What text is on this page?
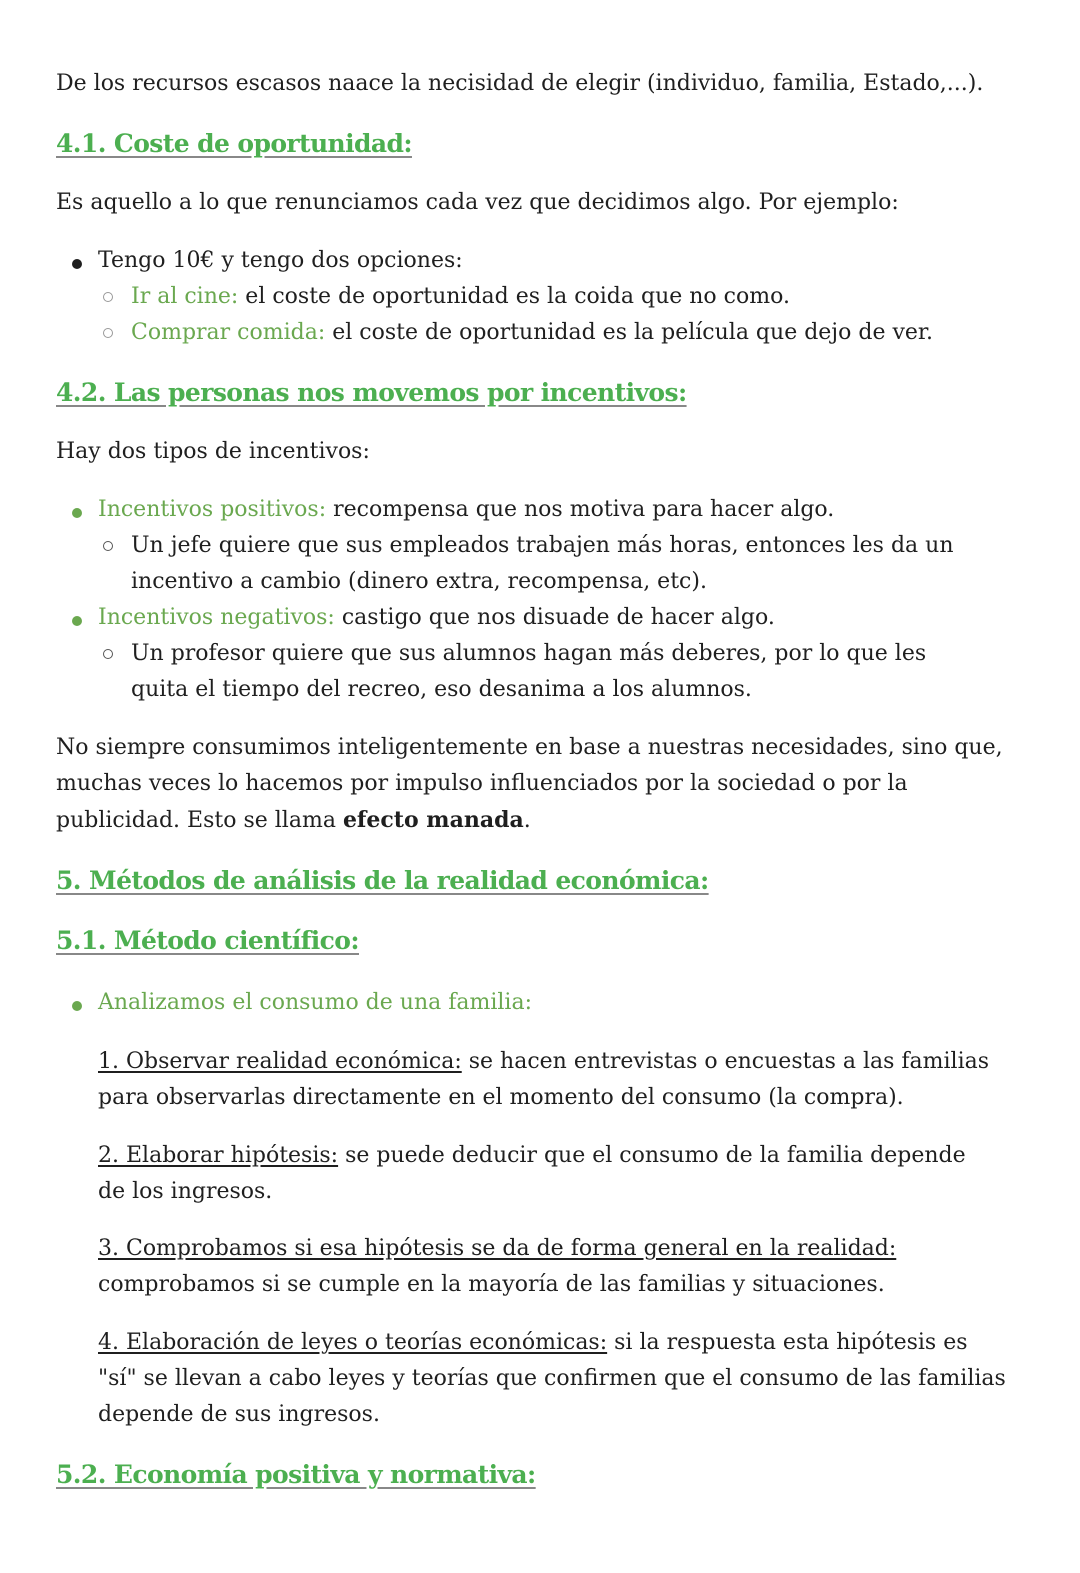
De los recursos escasos naace la necisidad de elegir (individuo, familia, Estado,...).

4.1. Coste de oportunidad:

Es aquello a lo que renunciamos cada vez que decidimos algo. Por ejemplo:

Tengo 10€ y tengo dos opciones:

Ir al cine: el coste de oportunidad es la coida que no como.

Comprar comida: el coste de oportunidad es la película que dejo de ver.

4.2. Las personas nos movemos por incentivos:

Hay dos tipos de incentivos:

Incentivos positivos: recompensa que nos motiva para hacer algo.

Un jefe quiere que sus empleados trabajen más horas, entonces les da un incentivo a cambio (dinero extra, recompensa, etc).

Incentivos negativos: castigo que nos disuade de hacer algo.

Un profesor quiere que sus alumnos hagan más deberes, por lo que les quita el tiempo del recreo, eso desanima a los alumnos.

No siempre consumimos inteligentemente en base a nuestras necesidades, sino que, muchas veces lo hacemos por impulso influenciados por la sociedad o por la publicidad. Esto se llama efecto manada.

5. Métodos de análisis de la realidad económica:
5.1. Método científico:

Analizamos el consumo de una familia:

1. Observar realidad económica: se hacen entrevistas o encuestas a las familias para observarlas directamente en el momento del consumo (la compra).

2. Elaborar hipótesis: se puede deducir que el consumo de la familia depende de los ingresos.

3. Comprobamos si esa hipótesis se da de forma general en la realidad: comprobamos si se cumple en la mayoría de las familias y situaciones.

4. Elaboración de leyes o teorías económicas: si la respuesta esta hipótesis es "sí" se llevan a cabo leyes y teorías que confirmen que el consumo de las familias depende de sus ingresos.

5.2. Economía positiva y normativa:
